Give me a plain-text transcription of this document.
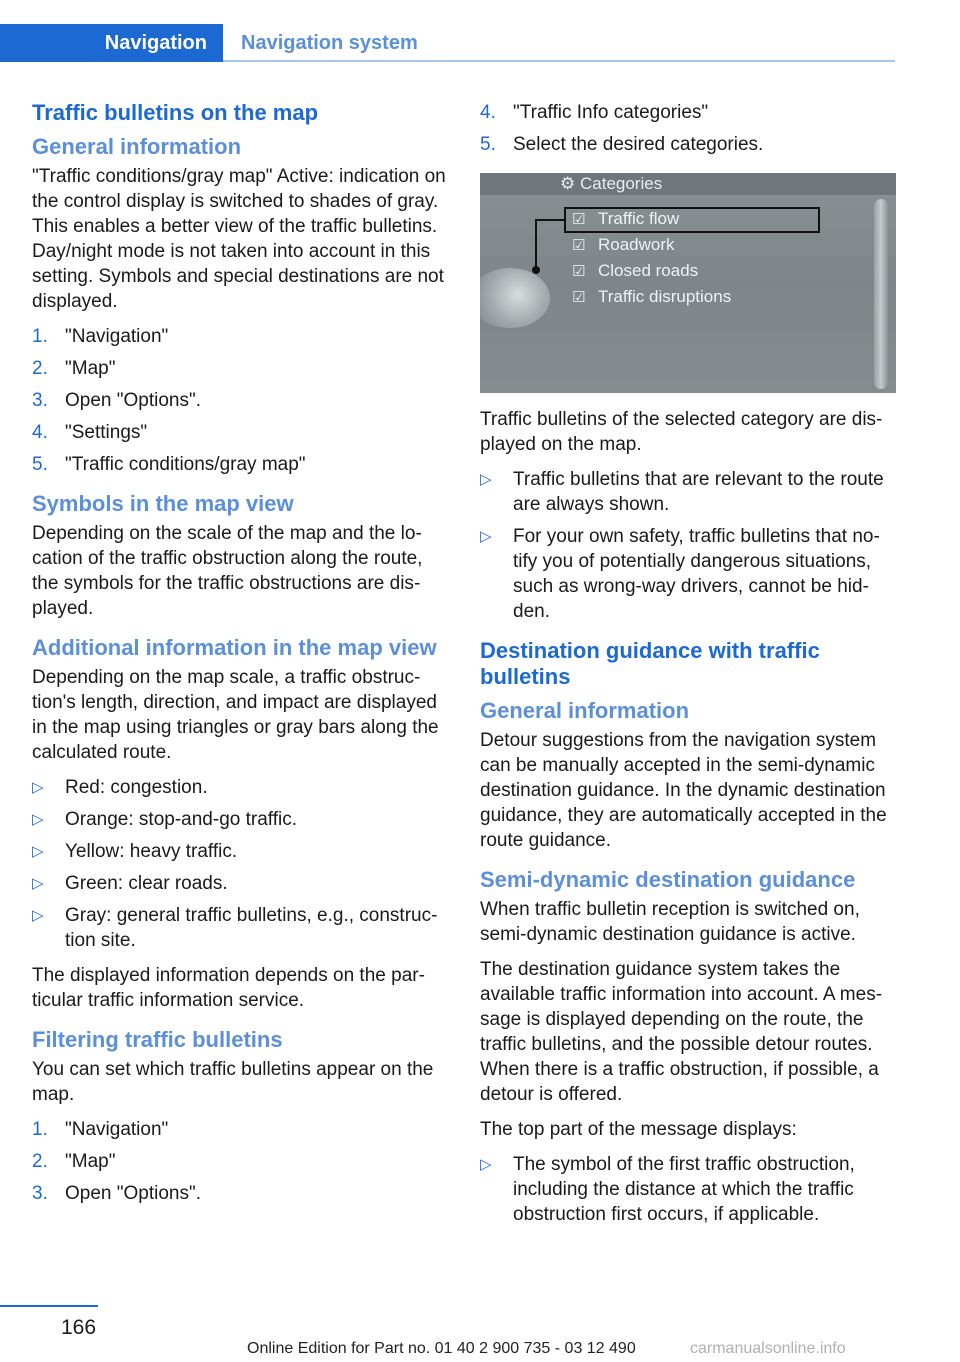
Navigation Navigation system
Traffic bulletins on the map
General information

"Traffic conditions/gray map" Active: indication on the control display is switched to shades of gray. This enables a better view of the traffic bulletins. Day/night mode is not taken into account in this setting. Symbols and special destinations are not displayed.

1. "Navigation"
2. "Map"
3. Open "Options".
4. "Settings"
5. "Traffic conditions/gray map"
Symbols in the map view

Depending on the scale of the map and the location of the traffic obstruction along the route, the symbols for the traffic obstructions are displayed.

Additional information in the map view

Depending on the map scale, a traffic obstruction's length, direction, and impact are displayed in the map using triangles or gray bars along the calculated route.

▷	Red: congestion.
▷	Orange: stop-and-go traffic.
▷	Yellow: heavy traffic.
▷	Green: clear roads.
▷	Gray: general traffic bulletins, e.g., construction site.

The displayed information depends on the particular traffic information service.

Filtering traffic bulletins

You can set which traffic bulletins appear on the map.

1. "Navigation"
2. "Map"
3. Open "Options".
4. "Traffic Info categories"
5. Select the desired categories.
⚙ Categories
☑ Traffic flow
☑ Roadwork
☑ Closed roads
☑ Traffic disruptions

Traffic bulletins of the selected category are displayed on the map.

▷	Traffic bulletins that are relevant to the route are always shown.
▷	For your own safety, traffic bulletins that notify you of potentially dangerous situations, such as wrong-way drivers, cannot be hidden.
Destination guidance with traffic bulletins
General information

Detour suggestions from the navigation system can be manually accepted in the semi-dynamic destination guidance. In the dynamic destination guidance, they are automatically accepted in the route guidance.

Semi-dynamic destination guidance

When traffic bulletin reception is switched on, semi-dynamic destination guidance is active.

The destination guidance system takes the available traffic information into account. A message is displayed depending on the route, the traffic bulletins, and the possible detour routes. When there is a traffic obstruction, if possible, a detour is offered.

The top part of the message displays:

▷	The symbol of the first traffic obstruction, including the distance at which the traffic obstruction first occurs, if applicable.
166
Online Edition for Part no. 01 40 2 900 735 - 03 12 490	carmanualsonline.info
